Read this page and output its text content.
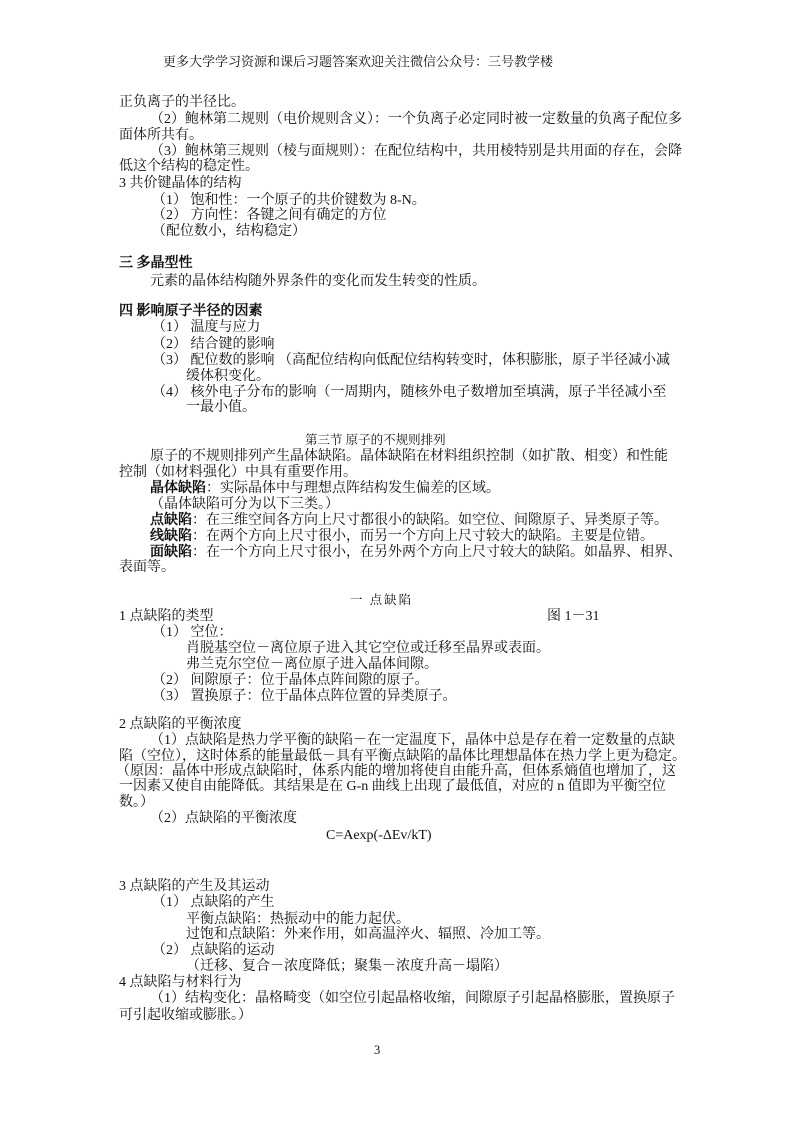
更多大学学习资源和课后习题答案欢迎关注微信公众号：三号教学楼
正负离子的半径比。
（2）鲍林第二规则（电价规则含义）：一个负离子必定同时被一定数量的负离子配位多
面体所共有。
（3）鲍林第三规则（棱与面规则）：在配位结构中，共用棱特别是共用面的存在，会降
低这个结构的稳定性。
3 共价键晶体的结构
（1） 饱和性：一个原子的共价键数为 8-N。
（2） 方向性：各键之间有确定的方位
（配位数小，结构稳定）
三 多晶型性
元素的晶体结构随外界条件的变化而发生转变的性质。
四 影响原子半径的因素
（1） 温度与应力
（2） 结合键的影响
（3） 配位数的影响 （高配位结构向低配位结构转变时，体积膨胀，原子半径减小减
缓体积变化。
（4） 核外电子分布的影响（一周期内，随核外电子数增加至填满，原子半径减小至
一最小值。
第三节 原子的不规则排列
原子的不规则排列产生晶体缺陷。晶体缺陷在材料组织控制（如扩散、相变）和性能
控制（如材料强化）中具有重要作用。
晶体缺陷：实际晶体中与理想点阵结构发生偏差的区域。
（晶体缺陷可分为以下三类。）
点缺陷：在三维空间各方向上尺寸都很小的缺陷。如空位、间隙原子、异类原子等。
线缺陷：在两个方向上尺寸很小，而另一个方向上尺寸较大的缺陷。主要是位错。
面缺陷：在一个方向上尺寸很小，在另外两个方向上尺寸较大的缺陷。如晶界、相界、
表面等。
一 点缺陷
1 点缺陷的类型	图 1－31
（1） 空位：
肖脱基空位－离位原子进入其它空位或迁移至晶界或表面。
弗兰克尔空位－离位原子进入晶体间隙。
（2） 间隙原子：位于晶体点阵间隙的原子。
（3） 置换原子：位于晶体点阵位置的异类原子。
2 点缺陷的平衡浓度
（1）点缺陷是热力学平衡的缺陷－在一定温度下，晶体中总是存在着一定数量的点缺
陷（空位），这时体系的能量最低－具有平衡点缺陷的晶体比理想晶体在热力学上更为稳定。
（原因：晶体中形成点缺陷时，体系内能的增加将使自由能升高，但体系熵值也增加了，这
一因素又使自由能降低。其结果是在 G-n 曲线上出现了最低值，对应的 n 值即为平衡空位
数。）
（2）点缺陷的平衡浓度
C=Aexp(-ΔEv/kT)
3 点缺陷的产生及其运动
（1） 点缺陷的产生
平衡点缺陷：热振动中的能力起伏。
过饱和点缺陷：外来作用，如高温淬火、辐照、冷加工等。
（2） 点缺陷的运动
（迁移、复合－浓度降低；聚集－浓度升高－塌陷）
4 点缺陷与材料行为
（1）结构变化：晶格畸变（如空位引起晶格收缩，间隙原子引起晶格膨胀，置换原子
可引起收缩或膨胀。）
3
